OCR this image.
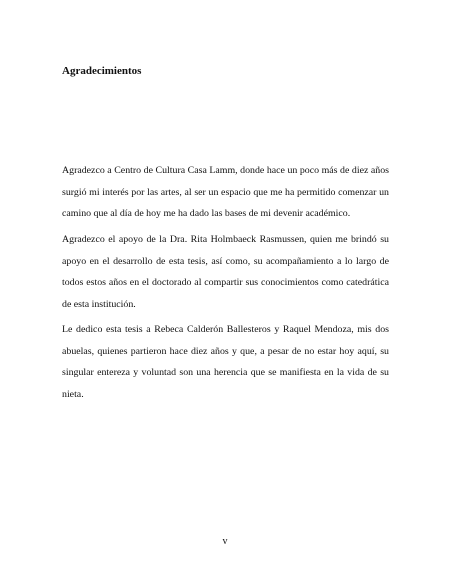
Agradecimientos

Agradezco a Centro de Cultura Casa Lamm, donde hace un poco más de diez años surgió mi interés por las artes, al ser un espacio que me ha permitido comenzar un camino que al día de hoy me ha dado las bases de mi devenir académico.

Agradezco el apoyo de la Dra. Rita Holmbaeck Rasmussen, quien me brindó su apoyo en el desarrollo de esta tesis, así como, su acompañamiento a lo largo de todos estos años en el doctorado al compartir sus conocimientos como catedrática de esta institución.

Le dedico esta tesis a Rebeca Calderón Ballesteros y Raquel Mendoza, mis dos abuelas, quienes partieron hace diez años y que, a pesar de no estar hoy aquí, su singular entereza y voluntad son una herencia que se manifiesta en la vida de su nieta.

v
